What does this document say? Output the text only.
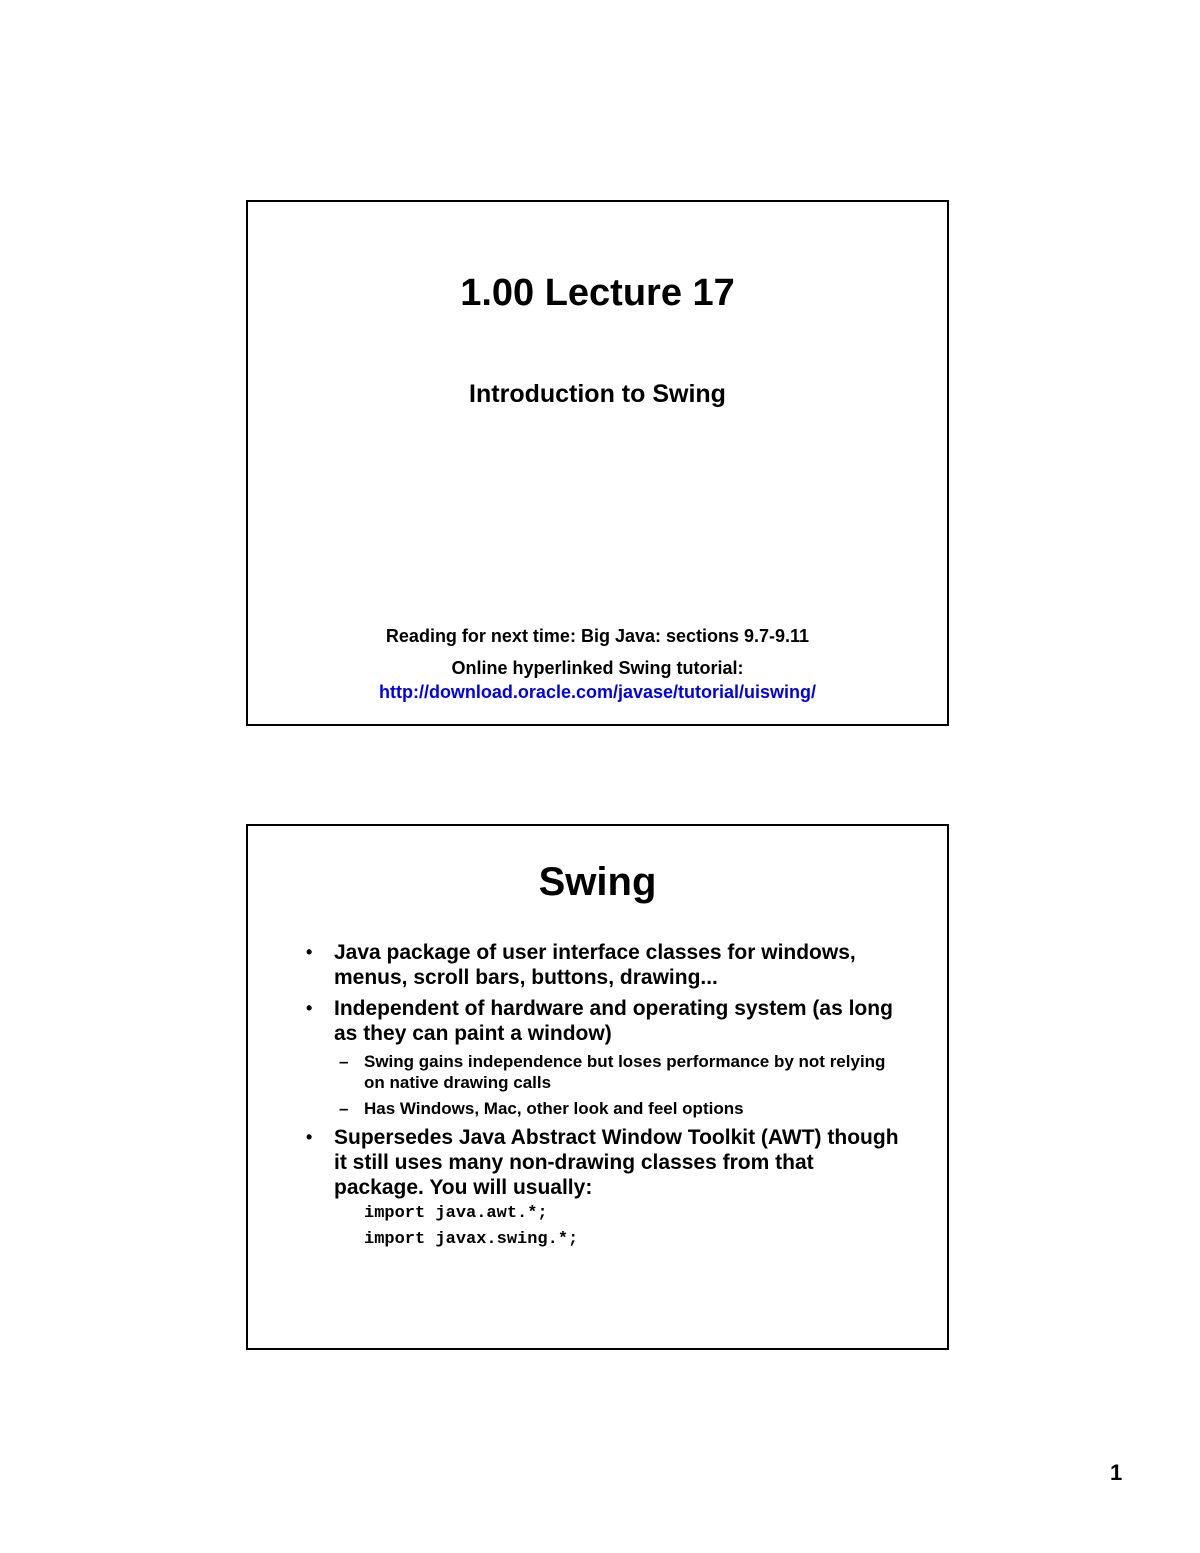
1.00 Lecture 17
Introduction to Swing
Reading for next time: Big Java: sections 9.7-9.11
Online hyperlinked Swing tutorial:
http://download.oracle.com/javase/tutorial/uiswing/
Swing
• Java package of user interface classes for windows, menus, scroll bars, buttons, drawing...
• Independent of hardware and operating system (as long as they can paint a window)
– Swing gains independence but loses performance by not relying on native drawing calls
– Has Windows, Mac, other look and feel options
• Supersedes Java Abstract Window Toolkit (AWT) though it still uses many non-drawing classes from that package. You will usually:
import java.awt.*;
import javax.swing.*;
1
